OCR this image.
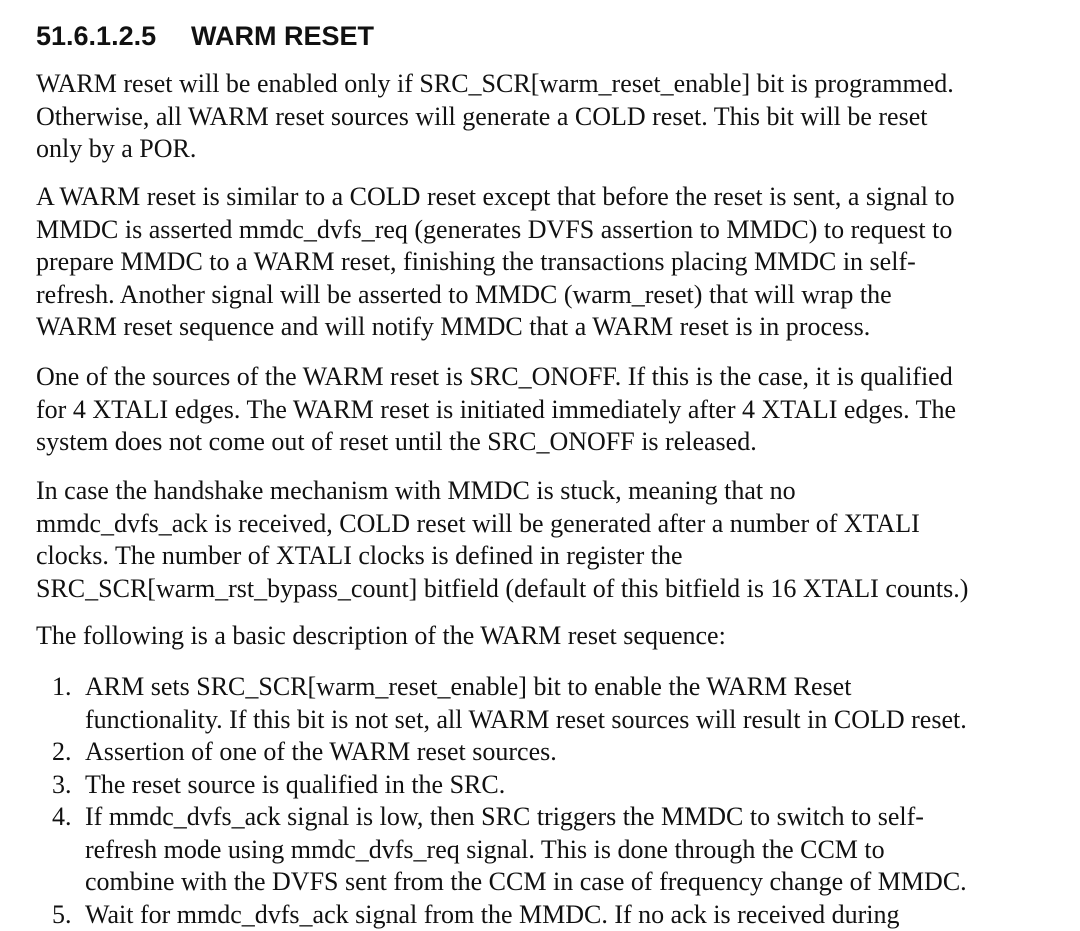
51.6.1.2.5 WARM RESET

WARM reset will be enabled only if SRC_SCR[warm_reset_enable] bit is programmed.
Otherwise, all WARM reset sources will generate a COLD reset. This bit will be reset
only by a POR.

A WARM reset is similar to a COLD reset except that before the reset is sent, a signal to
MMDC is asserted mmdc_dvfs_req (generates DVFS assertion to MMDC) to request to
prepare MMDC to a WARM reset, finishing the transactions placing MMDC in self-
refresh. Another signal will be asserted to MMDC (warm_reset) that will wrap the
WARM reset sequence and will notify MMDC that a WARM reset is in process.

One of the sources of the WARM reset is SRC_ONOFF. If this is the case, it is qualified
for 4 XTALI edges. The WARM reset is initiated immediately after 4 XTALI edges. The
system does not come out of reset until the SRC_ONOFF is released.

In case the handshake mechanism with MMDC is stuck, meaning that no
mmdc_dvfs_ack is received, COLD reset will be generated after a number of XTALI
clocks. The number of XTALI clocks is defined in register the
SRC_SCR[warm_rst_bypass_count] bitfield (default of this bitfield is 16 XTALI counts.)

The following is a basic description of the WARM reset sequence:

1. ARM sets SRC_SCR[warm_reset_enable] bit to enable the WARM Reset
functionality. If this bit is not set, all WARM reset sources will result in COLD reset.
2. Assertion of one of the WARM reset sources.
3. The reset source is qualified in the SRC.
4. If mmdc_dvfs_ack signal is low, then SRC triggers the MMDC to switch to self-
refresh mode using mmdc_dvfs_req signal. This is done through the CCM to
combine with the DVFS sent from the CCM in case of frequency change of MMDC.
5. Wait for mmdc_dvfs_ack signal from the MMDC. If no ack is received during
